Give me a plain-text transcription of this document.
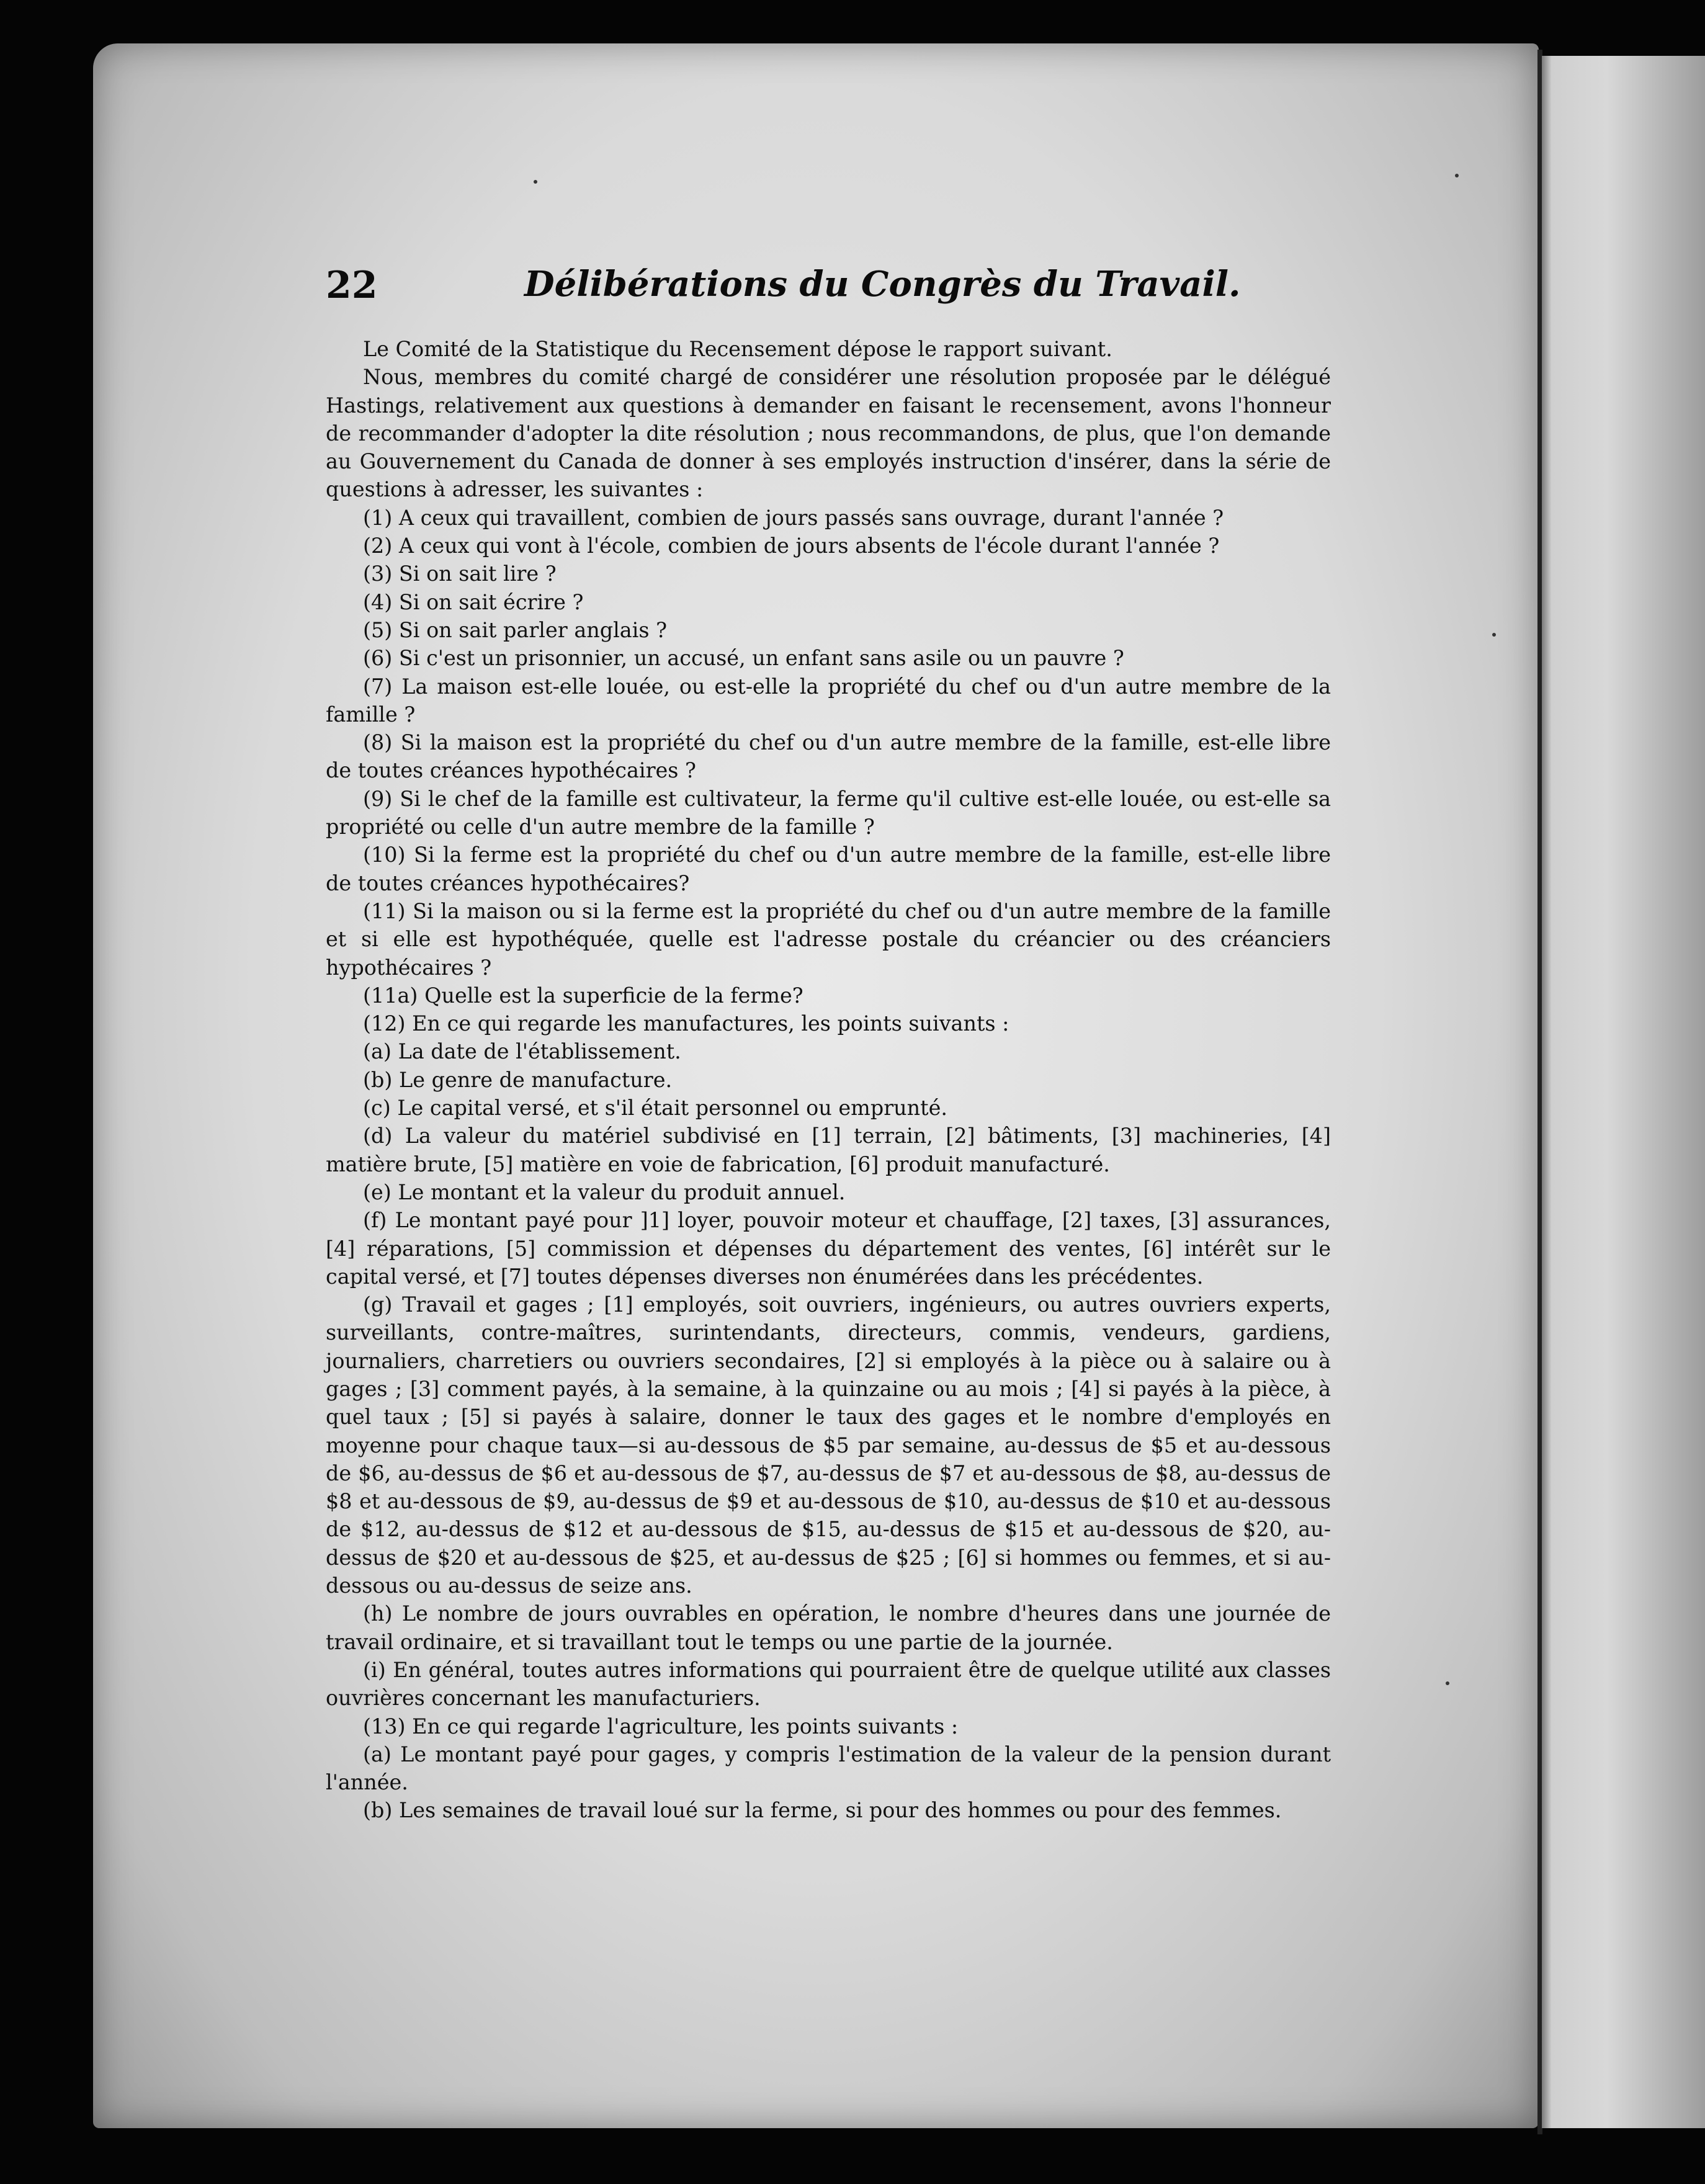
22	Délibérations du Congrès du Travail.

Le Comité de la Statistique du Recensement dépose le rapport suivant.

Nous, membres du comité chargé de considérer une résolution proposée par le délégué Hastings, relativement aux questions à demander en faisant le recensement, avons l'honneur de recommander d'adopter la dite résolution ; nous recommandons, de plus, que l'on demande au Gouvernement du Canada de donner à ses employés instruction d'insérer, dans la série de questions à adresser, les suivantes :

(1) A ceux qui travaillent, combien de jours passés sans ouvrage, durant l'année ?

(2) A ceux qui vont à l'école, combien de jours absents de l'école durant l'année ?

(3) Si on sait lire ?

(4) Si on sait écrire ?

(5) Si on sait parler anglais ?

(6) Si c'est un prisonnier, un accusé, un enfant sans asile ou un pauvre ?

(7) La maison est-elle louée, ou est-elle la propriété du chef ou d'un autre membre de la famille ?

(8) Si la maison est la propriété du chef ou d'un autre membre de la famille, est-elle libre de toutes créances hypothécaires ?

(9) Si le chef de la famille est cultivateur, la ferme qu'il cultive est-elle louée, ou est-elle sa propriété ou celle d'un autre membre de la famille ?

(10) Si la ferme est la propriété du chef ou d'un autre membre de la famille, est-elle libre de toutes créances hypothécaires?

(11) Si la maison ou si la ferme est la propriété du chef ou d'un autre membre de la famille et si elle est hypothéquée, quelle est l'adresse postale du créancier ou des créanciers hypothécaires ?

(11a) Quelle est la superficie de la ferme?

(12) En ce qui regarde les manufactures, les points suivants :

(a) La date de l'établissement.

(b) Le genre de manufacture.

(c) Le capital versé, et s'il était personnel ou emprunté.

(d) La valeur du matériel subdivisé en [1] terrain, [2] bâtiments, [3] machineries, [4] matière brute, [5] matière en voie de fabrication, [6] produit manufacturé.

(e) Le montant et la valeur du produit annuel.

(f) Le montant payé pour ]1] loyer, pouvoir moteur et chauffage, [2] taxes, [3] assurances, [4] réparations, [5] commission et dépenses du département des ventes, [6] intérêt sur le capital versé, et [7] toutes dépenses diverses non énumérées dans les précédentes.

(g) Travail et gages ; [1] employés, soit ouvriers, ingénieurs, ou autres ouvriers experts, surveillants, contre-maîtres, surintendants, directeurs, commis, vendeurs, gardiens, journaliers, charretiers ou ouvriers secondaires, [2] si employés à la pièce ou à salaire ou à gages ; [3] comment payés, à la semaine, à la quinzaine ou au mois ; [4] si payés à la pièce, à quel taux ; [5] si payés à salaire, donner le taux des gages et le nombre d'employés en moyenne pour chaque taux—si au-dessous de $5 par semaine, au-dessus de $5 et au-dessous de $6, au-dessus de $6 et au-dessous de $7, au-dessus de $7 et au-dessous de $8, au-dessus de $8 et au-dessous de $9, au-dessus de $9 et au-dessous de $10, au-dessus de $10 et au-dessous de $12, au-dessus de $12 et au-dessous de $15, au-dessus de $15 et au-dessous de $20, au-dessus de $20 et au-dessous de $25, et au-dessus de $25 ; [6] si hommes ou femmes, et si au-dessous ou au-dessus de seize ans.

(h) Le nombre de jours ouvrables en opération, le nombre d'heures dans une journée de travail ordinaire, et si travaillant tout le temps ou une partie de la journée.

(i) En général, toutes autres informations qui pourraient être de quelque utilité aux classes ouvrières concernant les manufacturiers.

(13) En ce qui regarde l'agriculture, les points suivants :

(a) Le montant payé pour gages, y compris l'estimation de la valeur de la pension durant l'année.

(b) Les semaines de travail loué sur la ferme, si pour des hommes ou pour des femmes.
